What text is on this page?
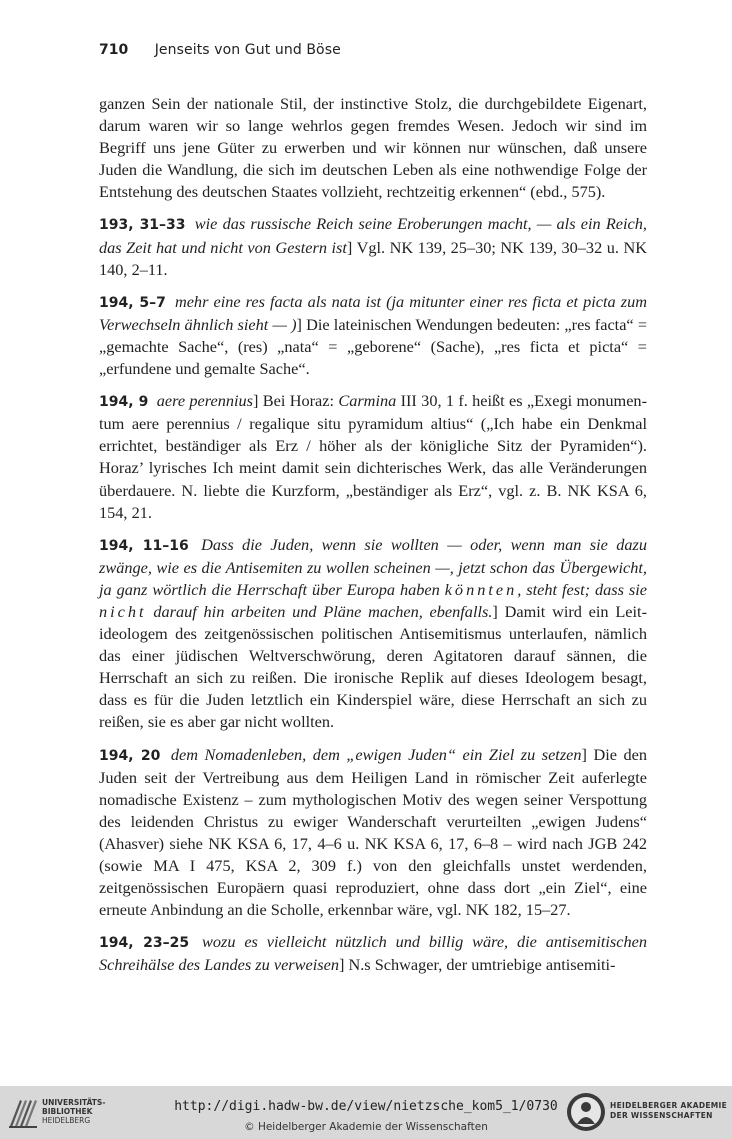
710 Jenseits von Gut und Böse

ganzen Sein der nationale Stil, der instinctive Stolz, die durchgebildete Eigenart, darum waren wir so lange wehrlos gegen fremdes Wesen. Jedoch wir sind im Begriff uns jene Güter zu erwerben und wir können nur wünschen, daß unsere Juden die Wandlung, die sich im deutschen Leben als eine nothwendige Folge der Entstehung des deutschen Staates vollzieht, rechtzeitig erkennen“ (ebd., 575).

193, 31–33 wie das russische Reich seine Eroberungen macht, — als ein Reich, das Zeit hat und nicht von Gestern ist] Vgl. NK 139, 25–30; NK 139, 30–32 u. NK 140, 2–11.

194, 5–7 mehr eine res facta als nata ist (ja mitunter einer res ficta et picta zum Verwechseln ähnlich sieht — )] Die lateinischen Wendungen bedeuten: „res facta“ = „gemachte Sache“, (res) „nata“ = „geborene“ (Sache), „res ficta et picta“ = „erfundene und gemalte Sache“.

194, 9 aere perennius] Bei Horaz: Carmina III 30, 1 f. heißt es „Exegi monumentum aere perennius / regalique situ pyramidum altius“ („Ich habe ein Denkmal errichtet, beständiger als Erz / höher als der königliche Sitz der Pyramiden“). Horaz’ lyrisches Ich meint damit sein dichterisches Werk, das alle Veränderungen überdauere. N. liebte die Kurzform, „beständiger als Erz“, vgl. z. B. NK KSA 6, 154, 21.

194, 11–16 Dass die Juden, wenn sie wollten — oder, wenn man sie dazu zwänge, wie es die Antisemiten zu wollen scheinen —, jetzt schon das Übergewicht, ja ganz wörtlich die Herrschaft über Europa haben könnten, steht fest; dass sie nicht darauf hin arbeiten und Pläne machen, ebenfalls.] Damit wird ein Leitideologem des zeitgenössischen politischen Antisemitismus unterlaufen, nämlich das einer jüdischen Weltverschwörung, deren Agitatoren darauf sännen, die Herrschaft an sich zu reißen. Die ironische Replik auf dieses Ideologem besagt, dass es für die Juden letztlich ein Kinderspiel wäre, diese Herrschaft an sich zu reißen, sie es aber gar nicht wollten.

194, 20 dem Nomadenleben, dem „ewigen Juden“ ein Ziel zu setzen] Die den Juden seit der Vertreibung aus dem Heiligen Land in römischer Zeit auferlegte nomadische Existenz – zum mythologischen Motiv des wegen seiner Verspottung des leidenden Christus zu ewiger Wanderschaft verurteilten „ewigen Judens“ (Ahasver) siehe NK KSA 6, 17, 4–6 u. NK KSA 6, 17, 6–8 – wird nach JGB 242 (sowie MA I 475, KSA 2, 309 f.) von den gleichfalls unstet werdenden, zeitgenössischen Europäern quasi reproduziert, ohne dass dort „ein Ziel“, eine erneute Anbindung an die Scholle, erkennbar wäre, vgl. NK 182, 15–27.

194, 23–25 wozu es vielleicht nützlich und billig wäre, die antisemitischen Schreihälse des Landes zu verweisen] N.s Schwager, der umtriebige antisemiti-

UNIVERSITÄTS-
BIBLIOTHEK
HEIDELBERG
http://digi.hadw-bw.de/view/nietzsche_kom5_1/0730
© Heidelberger Akademie der Wissenschaften
HEIDELBERGER AKADEMIE
DER WISSENSCHAFTEN
